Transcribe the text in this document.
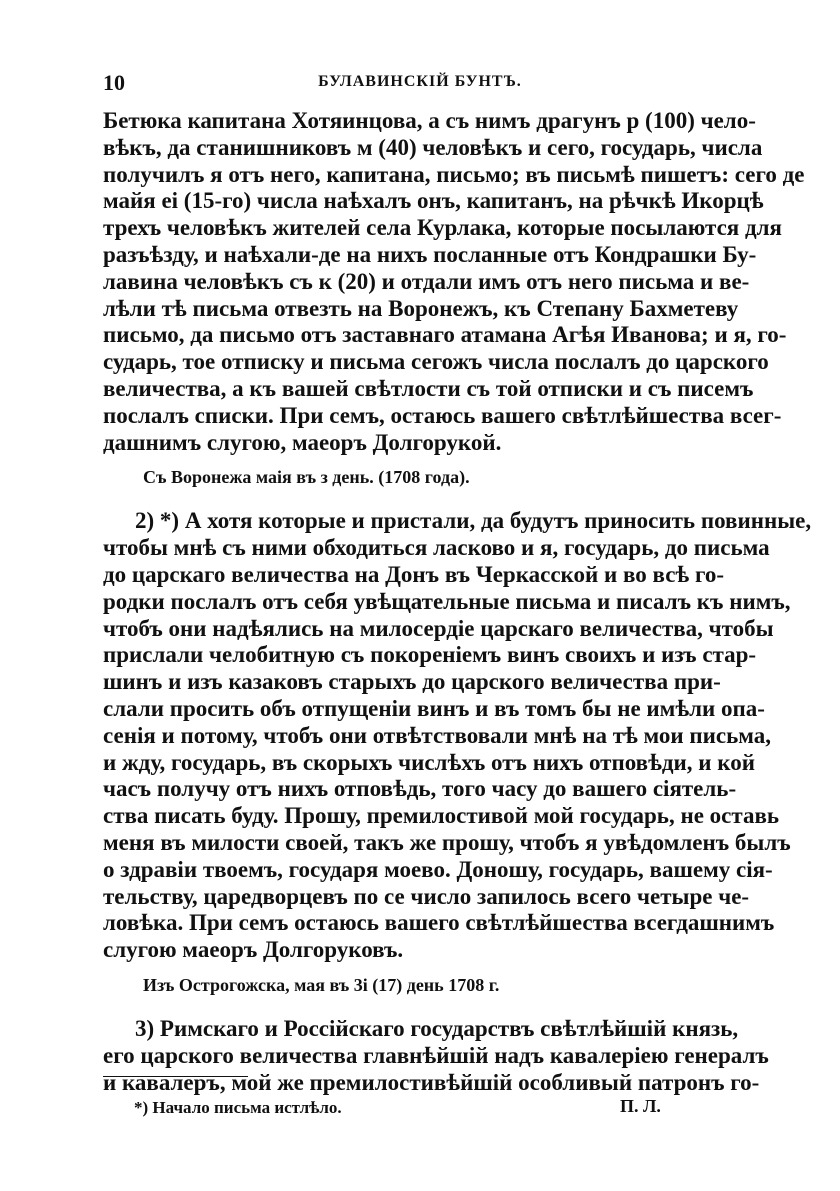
10	БУЛАВИНСКІЙ БУНТЪ.
Бетюка капитана Хотяинцова, а съ нимъ драгунъ р (100) чело-
вѣкъ, да станишниковъ м (40) человѣкъ и сего, государь, числа
получилъ я отъ него, капитана, письмо; въ письмѣ пишетъ: сего де
майя еі (15-го) числа наѣхалъ онъ, капитанъ, на рѣчкѣ Икорцѣ
трехъ человѣкъ жителей села Курлака, которые посылаются для
разъѣзду, и наѣхали-де на нихъ посланные отъ Кондрашки Бу-
лавина человѣкъ съ к (20) и отдали имъ отъ него письма и ве-
лѣли тѣ письма отвезть на Воронежъ, къ Степану Бахметеву
письмо, да письмо отъ заставнаго атамана Агѣя Иванова; и я, го-
сударь, тое отписку и письма сегожъ числа послалъ до царского
величества, а къ вашей свѣтлости съ той отписки и съ писемъ
послалъ списки. При семъ, остаюсь вашего свѣтлѣйшества всег-
дашнимъ слугою, маеоръ Долгорукой.
Съ Воронежа маія въ з день. (1708 года).
2) *) А хотя которые и пристали, да будутъ приносить повинные,
чтобы мнѣ съ ними обходиться ласково и я, государь, до письма
до царскаго величества на Донъ въ Черкасской и во всѣ го-
родки послалъ отъ себя увѣщательные письма и писалъ къ нимъ,
чтобъ они надѣялись на милосердіе царскаго величества, чтобы
прислали челобитную съ покореніемъ винъ своихъ и изъ стар-
шинъ и изъ казаковъ старыхъ до царского величества при-
слали просить объ отпущеніи винъ и въ томъ бы не имѣли опа-
сенія и потому, чтобъ они отвѣтствовали мнѣ на тѣ мои письма,
и жду, государь, въ скорыхъ числѣхъ отъ нихъ отповѣди, и кой
часъ получу отъ нихъ отповѣдь, того часу до вашего сіятель-
ства писать буду. Прошу, премилостивой мой государь, не оставь
меня въ милости своей, такъ же прошу, чтобъ я увѣдомленъ былъ
о здравіи твоемъ, государя моево. Доношу, государь, вашему сія-
тельству, царедворцевъ по се число запилось всего четыре че-
ловѣка. При семъ остаюсь вашего свѣтлѣйшества всегдашнимъ
слугою маеоръ Долгоруковъ.
Изъ Острогожска, мая въ 3і (17) день 1708 г.
3) Римскаго и Россійскаго государствъ свѣтлѣйшій князь,
его царского величества главнѣйшій надъ кавалеріею генералъ
и кавалеръ, мой же премилостивѣйшій особливый патронъ го-
*) Начало письма истлѣло.	П. Л.
